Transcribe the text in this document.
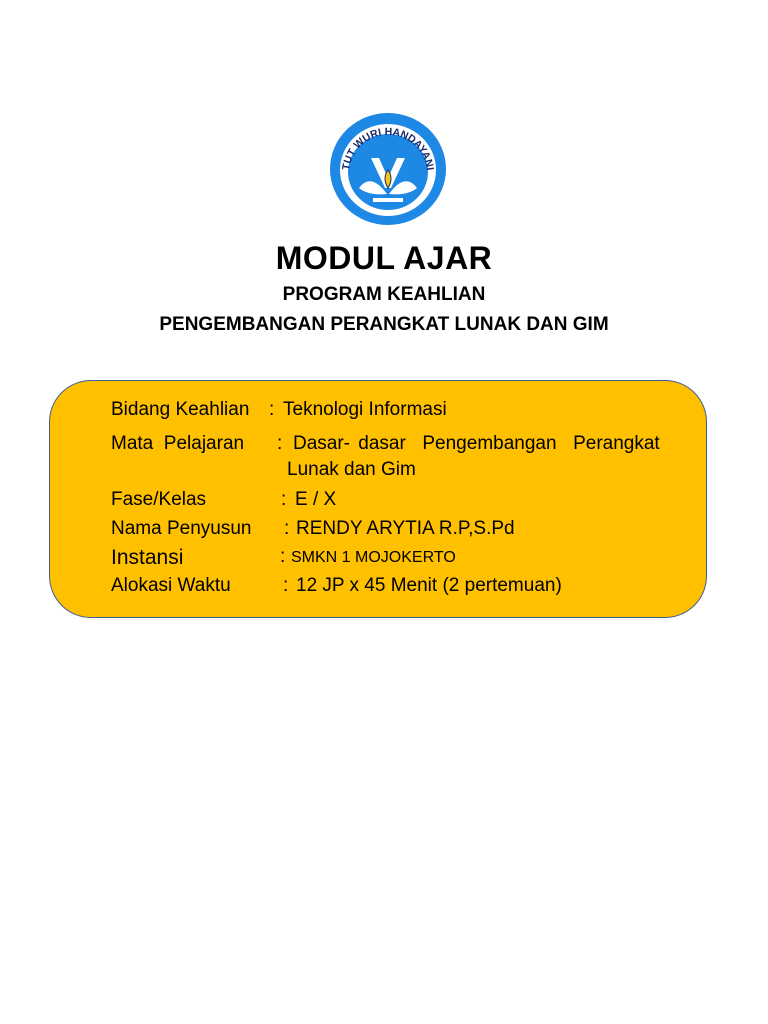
TUT WURI HANDAYANI
MODUL AJAR
PROGRAM KEAHLIAN
PENGEMBANGAN PERANGKAT LUNAK DAN GIM
Bidang Keahlian : Teknologi Informasi
Mata  Pelajaran : Dasar- dasar  Pengembangan  Perangkat
Lunak dan Gim
Fase/Kelas	: E / X
Nama Penyusun : RENDY ARYTIA R.P,S.Pd
Instansi	: SMKN 1 MOJOKERTO
Alokasi Waktu	: 12 JP x 45 Menit (2 pertemuan)
